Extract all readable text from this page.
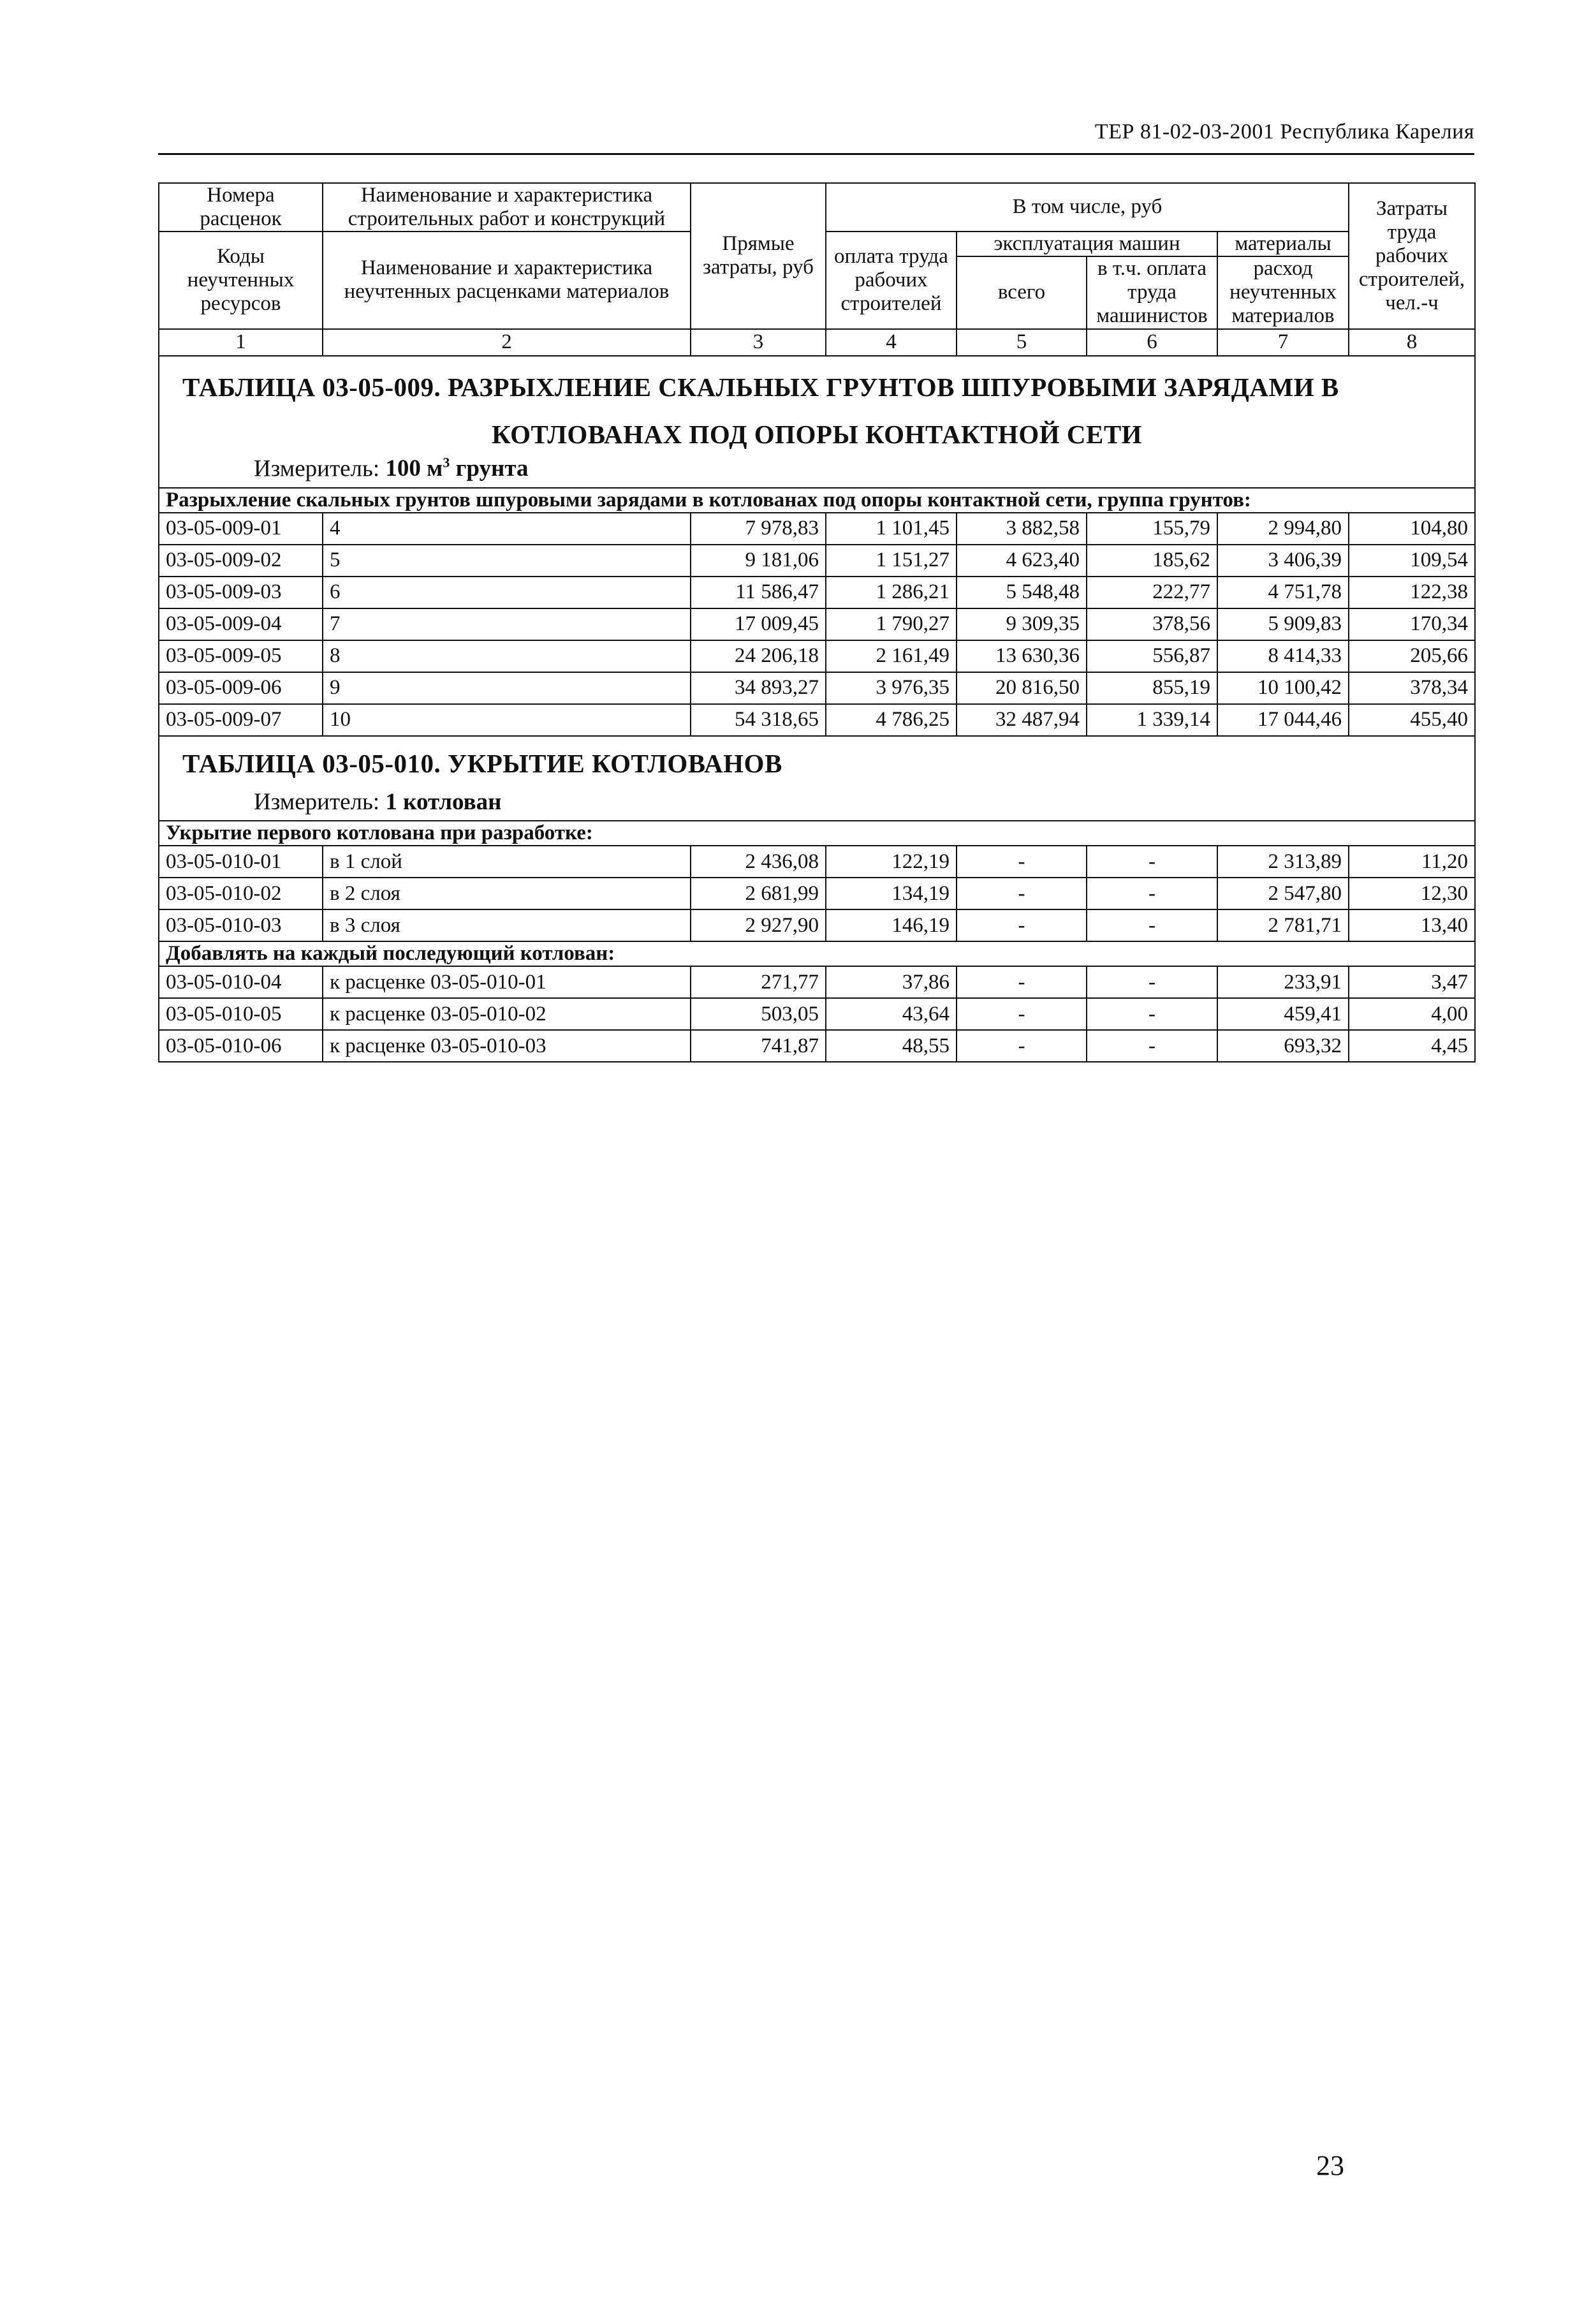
ТЕР 81-02-03-2001 Республика Карелия
Номера расценок	Наименование и характеристика строительных работ и конструкций	Прямые затраты, руб	В том числе, руб				Затраты труда рабочих строителей, чел.-ч
Коды неучтенных ресурсов	Наименование и характеристика неучтенных расценками материалов		оплата труда рабочих строителей	эксплуатация машин		материалы	
				всего	в т.ч. оплата труда машинистов	расход неучтенных материалов	
1	2	3	4	5	6	7	8

ТАБЛИЦА 03-05-009. РАЗРЫХЛЕНИЕ СКАЛЬНЫХ ГРУНТОВ ШПУРОВЫМИ ЗАРЯДАМИ В
КОТЛОВАНАХ ПОД ОПОРЫ КОНТАКТНОЙ СЕТИ
Измеритель: 100 $м^3$ грунта							

Разрыхление скальных грунтов шпуровыми зарядами в котлованах под опоры контактной сети, группа грунтов:							
03-05-009-01	4	7 978,83	1 101,45	3 882,58	155,79	2 994,80	104,80
03-05-009-02	5	9 181,06	1 151,27	4 623,40	185,62	3 406,39	109,54
03-05-009-03	6	11 586,47	1 286,21	5 548,48	222,77	4 751,78	122,38
03-05-009-04	7	17 009,45	1 790,27	9 309,35	378,56	5 909,83	170,34
03-05-009-05	8	24 206,18	2 161,49	13 630,36	556,87	8 414,33	205,66
03-05-009-06	9	34 893,27	3 976,35	20 816,50	855,19	10 100,42	378,34
03-05-009-07	10	54 318,65	4 786,25	32 487,94	1 339,14	17 044,46	455,40

ТАБЛИЦА 03-05-010. УКРЫТИЕ КОТЛОВАНОВ
Измеритель: 1 котлован							

Укрытие первого котлована при разработке:							
03-05-010-01	в 1 слой	2 436,08	122,19	-	-	2 313,89	11,20
03-05-010-02	в 2 слоя	2 681,99	134,19	-	-	2 547,80	12,30
03-05-010-03	в 3 слоя	2 927,90	146,19	-	-	2 781,71	13,40
Добавлять на каждый последующий котлован:							
03-05-010-04	к расценке 03-05-010-01	271,77	37,86	-	-	233,91	3,47
03-05-010-05	к расценке 03-05-010-02	503,05	43,64	-	-	459,41	4,00
03-05-010-06	к расценке 03-05-010-03	741,87	48,55	-	-	693,32	4,45
23
